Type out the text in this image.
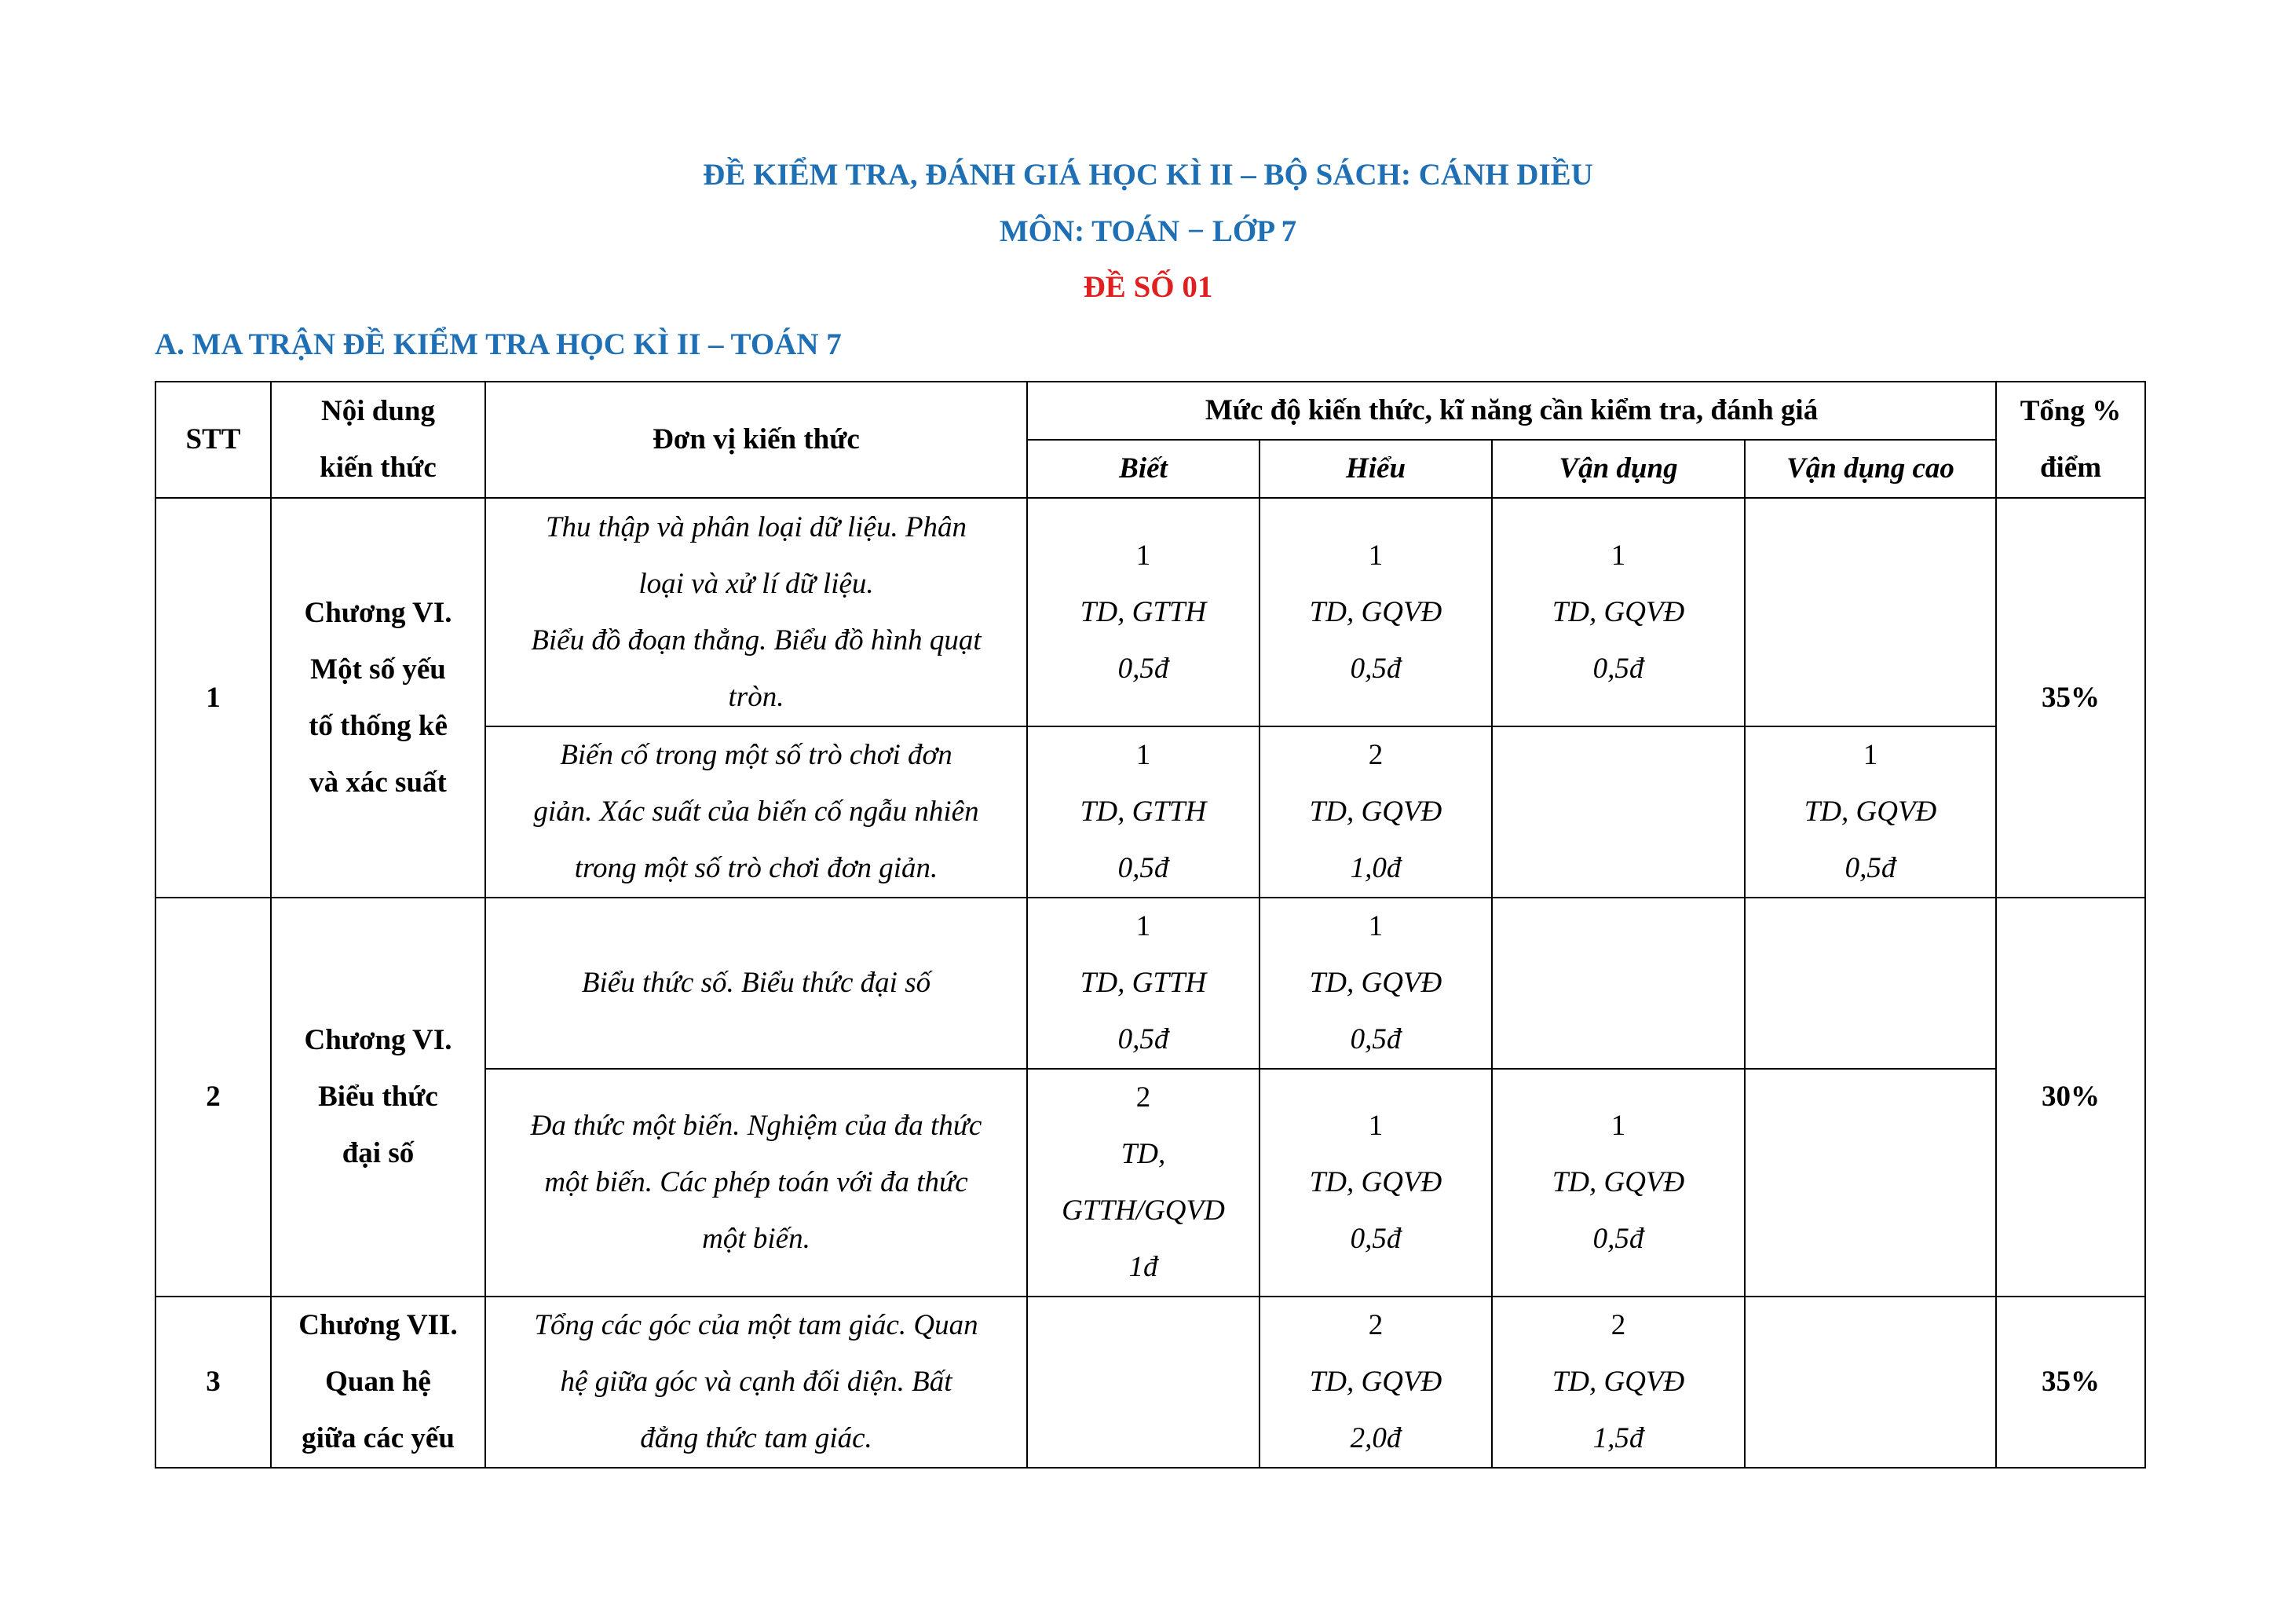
ĐỀ KIỂM TRA, ĐÁNH GIÁ HỌC KÌ II – BỘ SÁCH: CÁNH DIỀU
MÔN: TOÁN − LỚP 7
ĐỀ SỐ 01
A. MA TRẬN ĐỀ KIỂM TRA HỌC KÌ II – TOÁN 7
STT	Nội dung
kiến thức	Đơn vị kiến thức	Mức độ kiến thức, kĩ năng cần kiểm tra, đánh giá				Tổng %
điểm

			Biết	Hiểu	Vận dụng	Vận dụng cao	
1	Chương VI.
Một số yếu
tố thống kê
và xác suất	Thu thập và phân loại dữ liệu. Phân
loại và xử lí dữ liệu.
Biểu đồ đoạn thẳng. Biểu đồ hình quạt
tròn.	1
TD, GTTH
0,5đ	1
TD, GQVĐ
0,5đ	1
TD, GQVĐ
0,5đ		35%

		Biến cố trong một số trò chơi đơn
giản. Xác suất của biến cố ngẫu nhiên
trong một số trò chơi đơn giản.	1
TD, GTTH
0,5đ	2
TD, GQVĐ
1,0đ		1
TD, GQVĐ
0,5đ	

2	Chương VI.
Biểu thức
đại số	Biểu thức số. Biểu thức đại số	1
TD, GTTH
0,5đ	1
TD, GQVĐ
0,5đ			30%

		Đa thức một biến. Nghiệm của đa thức
một biến. Các phép toán với đa thức
một biến.	2
TD,
GTTH/GQVD
1đ	1
TD, GQVĐ
0,5đ	1
TD, GQVĐ
0,5đ		

3	Chương VII.
Quan hệ
giữa các yếu	Tổng các góc của một tam giác. Quan
hệ giữa góc và cạnh đối diện. Bất
đẳng thức tam giác.		2
TD, GQVĐ
2,0đ	2
TD, GQVĐ
1,5đ		35%
